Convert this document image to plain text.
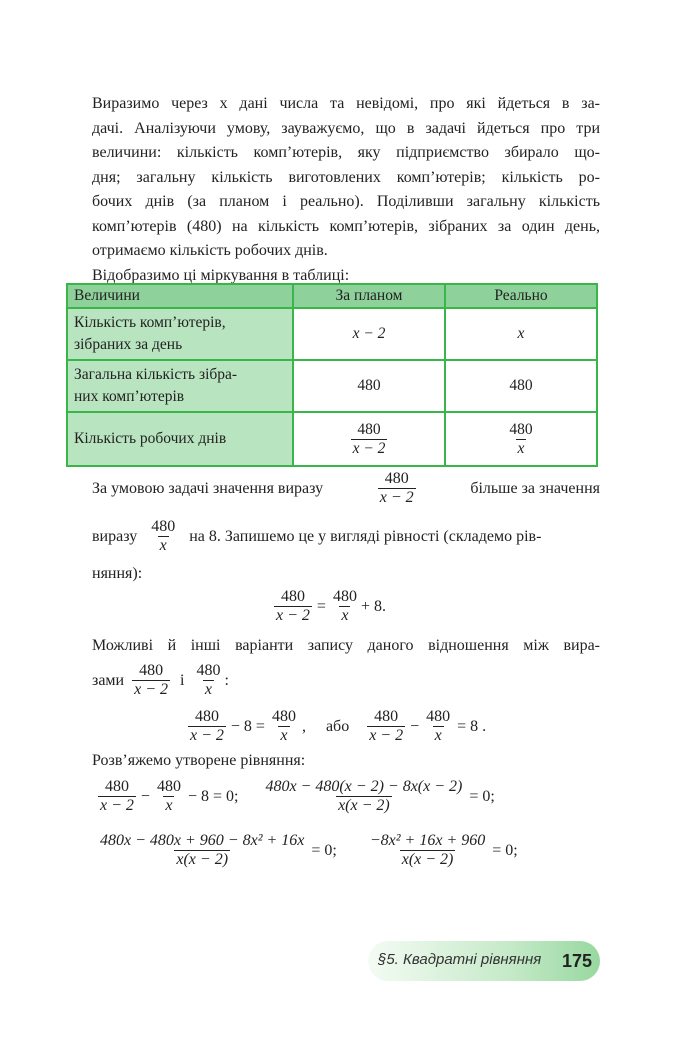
Виразимо через x дані числа та невідомі, про які йдеться в за-
дачі. Аналізуючи умову, зауважуємо, що в задачі йдеться про три
величини: кількість комп’ютерів, яку підприємство збирало що-
дня; загальну кількість виготовлених комп’ютерів; кількість ро-
бочих днів (за планом і реально). Поділивши загальну кількість
комп’ютерів (480) на кількість комп’ютерів, зібраних за один день,
отримаємо кількість робочих днів.
Відобразимо ці міркування в таблиці:
Величини	За планом	Реально

Кількість комп’ютерів,
зібраних за день	x − 2	x

Загальна кількість зібра-
них комп’ютерів	480	480

Кількість робочих днів	$\frac{480}{x - 2}$	$\frac{480}{x}$
За умовою задачі значення виразу	$\frac{480}{x - 2}$	більше за значення
виразу $\frac{480}{x}$ на 8. Запишемо це у вигляді рівності (складемо рів-
няння):
$\frac{480}{x - 2} = \frac{480}{x} + 8$.
Можливі й інші варіанти запису даного відношення між вира-
зами $\frac{480}{x - 2}$ і $\frac{480}{x}$ :
$\frac{480}{x - 2} - 8 = \frac{480}{x}$ , або $\frac{480}{x - 2} - \frac{480}{x} = 8$ .
Розв’яжемо утворене рівняння:
$\frac{480}{x - 2} - \frac{480}{x} - 8 = 0$; $\frac{480x - 480(x - 2) - 8x(x - 2)}{x(x - 2)} = 0$;
$\frac{\text{480x − 480x + 960 − 8x² + 16x}}{x(x - 2)} = 0$; $\frac{\text{−8x² + 16x + 960}}{x(x - 2)} = 0$;
§5. Квадратні рівняння	175
